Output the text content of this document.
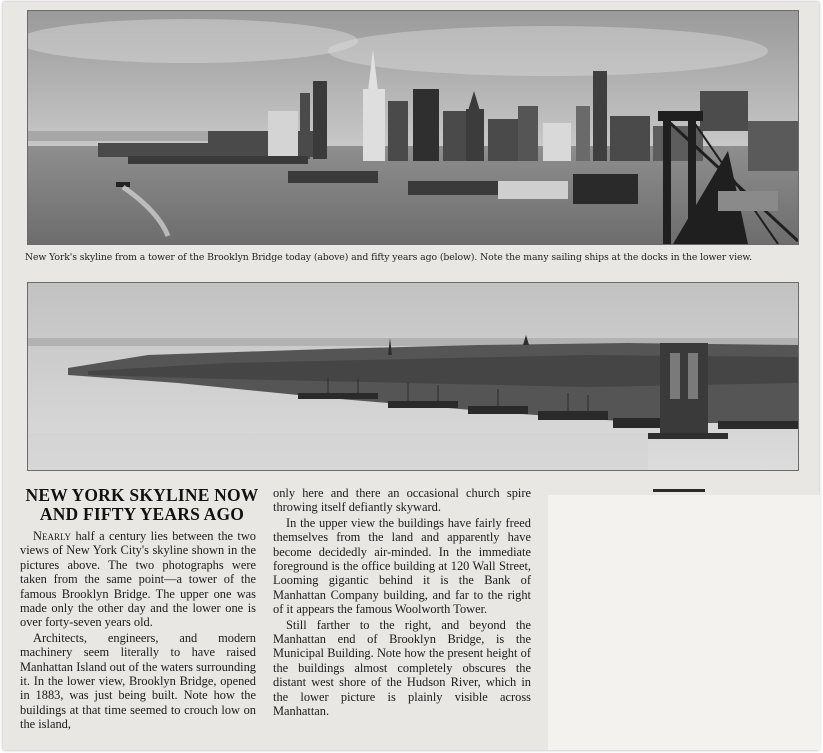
New York's skyline from a tower of the Brooklyn Bridge today (above) and fifty years ago (below). Note the many sailing ships at the docks in the lower view.
NEW YORK SKYLINE NOW
AND FIFTY YEARS AGO

Nearly half a century lies between the two views of New York City's skyline shown in the pictures above. The two photographs were taken from the same point—a tower of the famous Brooklyn Bridge. The upper one was made only the other day and the lower one is over forty-seven years old.

Architects, engineers, and modern machinery seem literally to have raised Manhattan Island out of the waters surrounding it. In the lower view, Brooklyn Bridge, opened in 1883, was just being built. Note how the buildings at that time seemed to crouch low on the island,

only here and there an occasional church spire throwing itself defiantly skyward.

In the upper view the buildings have fairly freed themselves from the land and apparently have become decidedly air-minded. In the immediate foreground is the office building at 120 Wall Street, Looming gigantic behind it is the Bank of Manhattan Company building, and far to the right of it appears the famous Woolworth Tower.

Still farther to the right, and beyond the Manhattan end of Brooklyn Bridge, is the Municipal Building. Note how the present height of the buildings almost completely obscures the distant west shore of the Hudson River, which in the lower picture is plainly visible across Manhattan.
